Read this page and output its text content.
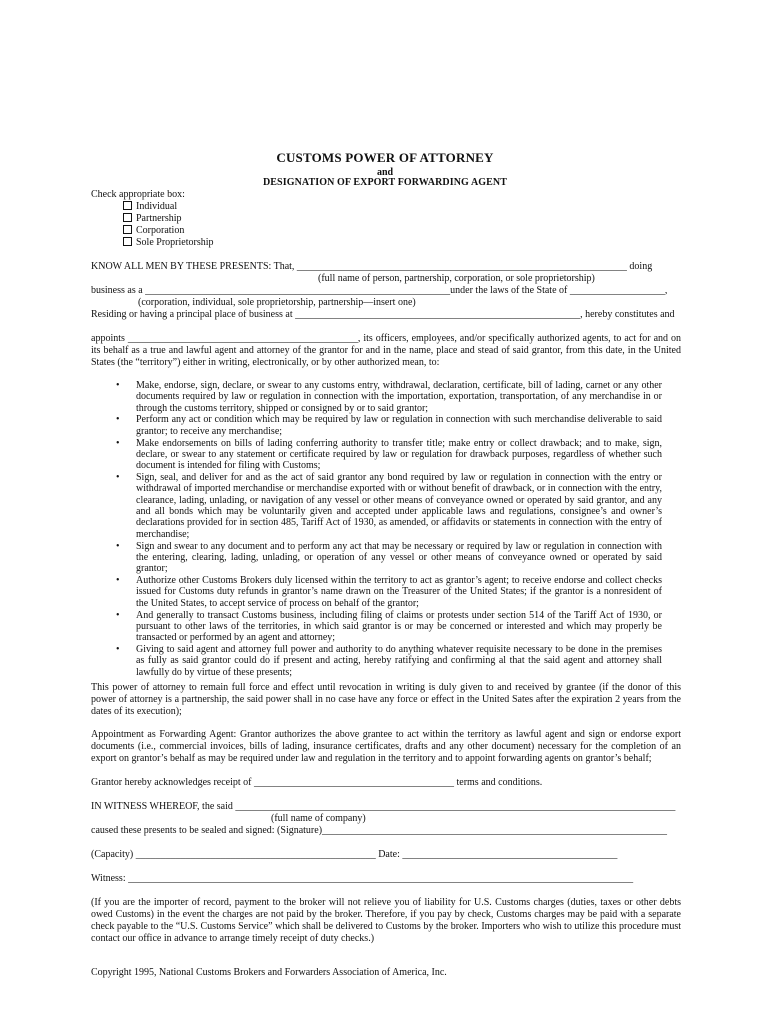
CUSTOMS POWER OF ATTORNEY
and
DESIGNATION OF EXPORT FORWARDING AGENT
Check appropriate box:
Individual
Partnership
Corporation
Sole Proprietorship
KNOW ALL MEN BY THESE PRESENTS: That, __________________________________________________________________ doing
(full name of person, partnership, corporation, or sole proprietorship)
business as a _____________________________________________________________under the laws of the State of ___________________,
(corporation, individual, sole proprietorship, partnership—insert one)
Residing or having a principal place of business at _________________________________________________________, hereby constitutes and
appoints ______________________________________________, its officers, employees, and/or specifically authorized agents, to act for and on its behalf as a true and lawful agent and attorney of the grantor for and in the name, place and stead of said grantor, from this date, in the United States (the “territory”) either in writing, electronically, or by other authorized mean, to:
• Make, endorse, sign, declare, or swear to any customs entry, withdrawal, declaration, certificate, bill of lading, carnet or any other documents required by law or regulation in connection with the importation, exportation, transportation, of any merchandise in or through the customs territory, shipped or consigned by or to said grantor;
• Perform any act or condition which may be required by law or regulation in connection with such merchandise deliverable to said grantor; to receive any merchandise;
• Make endorsements on bills of lading conferring authority to transfer title; make entry or collect drawback; and to make, sign, declare, or swear to any statement or certificate required by law or regulation for drawback purposes, regardless of whether such document is intended for filing with Customs;
• Sign, seal, and deliver for and as the act of said grantor any bond required by law or regulation in connection with the entry or withdrawal of imported merchandise or merchandise exported with or without benefit of drawback, or in connection with the entry, clearance, lading, unlading, or navigation of any vessel or other means of conveyance owned or operated by said grantor, and any and all bonds which may be voluntarily given and accepted under applicable laws and regulations, consignee’s and owner’s declarations provided for in section 485, Tariff Act of 1930, as amended, or affidavits or statements in connection with the entry of merchandise;
• Sign and swear to any document and to perform any act that may be necessary or required by law or regulation in connection with the entering, clearing, lading, unlading, or operation of any vessel or other means of conveyance owned or operated by said grantor;
• Authorize other Customs Brokers duly licensed within the territory to act as grantor’s agent; to receive endorse and collect checks issued for Customs duty refunds in grantor’s name drawn on the Treasurer of the United States; if the grantor is a nonresident of the United States, to accept service of process on behalf of the grantor;
• And generally to transact Customs business, including filing of claims or protests under section 514 of the Tariff Act of 1930, or pursuant to other laws of the territories, in which said grantor is or may be concerned or interested and which may properly be transacted or performed by an agent and attorney;
• Giving to said agent and attorney full power and authority to do anything whatever requisite necessary to be done in the premises as fully as said grantor could do if present and acting, hereby ratifying and confirming al that the said agent and attorney shall lawfully do by virtue of these presents;
This power of attorney to remain full force and effect until revocation in writing is duly given to and received by grantee (if the donor of this power of attorney is a partnership, the said power shall in no case have any force or effect in the United Sates after the expiration 2 years from the dates of its execution);
Appointment as Forwarding Agent: Grantor authorizes the above grantee to act within the territory as lawful agent and sign or endorse export documents (i.e., commercial invoices, bills of lading, insurance certificates, drafts and any other document) necessary for the completion of an export on grantor’s behalf as may be required under law and regulation in the territory and to appoint forwarding agents on grantor’s behalf;
Grantor hereby acknowledges receipt of ________________________________________ terms and conditions.
IN WITNESS WHEREOF, the said ________________________________________________________________________________________
(full name of company)
caused these presents to be sealed and signed: (Signature)_____________________________________________________________________
(Capacity) ________________________________________________ Date: ___________________________________________
Witness: _____________________________________________________________________________________________________
(If you are the importer of record, payment to the broker will not relieve you of liability for U.S. Customs charges (duties, taxes or other debts owed Customs) in the event the charges are not paid by the broker. Therefore, if you pay by check, Customs charges may be paid with a separate check payable to the “U.S. Customs Service” which shall be delivered to Customs by the broker. Importers who wish to utilize this procedure must contact our office in advance to arrange timely receipt of duty checks.)
Copyright 1995, National Customs Brokers and Forwarders Association of America, Inc.
